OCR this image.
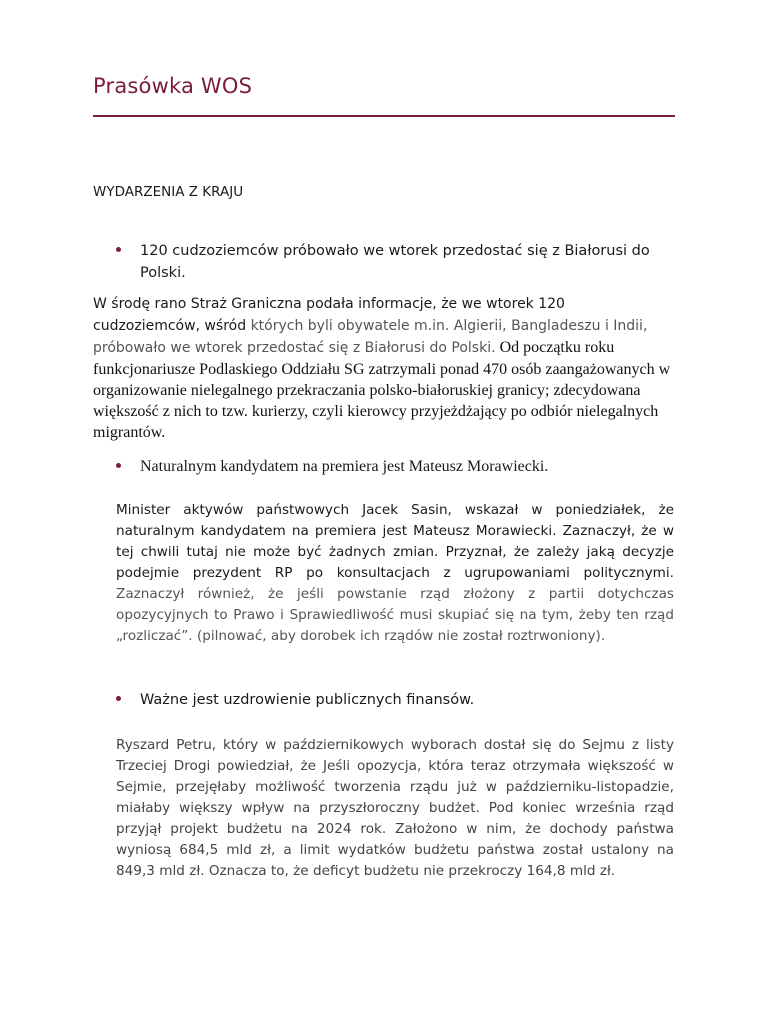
Prasówka WOS
WYDARZENIA Z KRAJU
120 cudzoziemców próbowało we wtorek przedostać się z Białorusi do Polski.
W środę rano Straż Graniczna podała informacje, że we wtorek 120 cudzoziemców, wśród których byli obywatele m.in. Algierii, Bangladeszu i Indii, próbowało we wtorek przedostać się z Białorusi do Polski. Od początku roku funkcjonariusze Podlaskiego Oddziału SG zatrzymali ponad 470 osób zaangażowanych w organizowanie nielegalnego przekraczania polsko-białoruskiej granicy; zdecydowana większość z nich to tzw. kurierzy, czyli kierowcy przyjeżdżający po odbiór nielegalnych migrantów.
Naturalnym kandydatem na premiera jest Mateusz Morawiecki.
Minister aktywów państwowych Jacek Sasin, wskazał w poniedziałek, że naturalnym kandydatem na premiera jest Mateusz Morawiecki. Zaznaczył, że w tej chwili tutaj nie może być żadnych zmian. Przyznał, że zależy jaką decyzje podejmie prezydent RP po konsultacjach z ugrupowaniami politycznymi. Zaznaczył również, że jeśli powstanie rząd złożony z partii dotychczas opozycyjnych to Prawo i Sprawiedliwość musi skupiać się na tym, żeby ten rząd „rozliczać”. (pilnować, aby dorobek ich rządów nie został roztrwoniony).
Ważne jest uzdrowienie publicznych finansów.
Ryszard Petru, który w październikowych wyborach dostał się do Sejmu z listy Trzeciej Drogi powiedział, że Jeśli opozycja, która teraz otrzymała większość w Sejmie, przejęłaby możliwość tworzenia rządu już w październiku-listopadzie, miałaby większy wpływ na przyszłoroczny budżet. Pod koniec września rząd przyjął projekt budżetu na 2024 rok. Założono w nim, że dochody państwa wyniosą 684,5 mld zł, a limit wydatków budżetu państwa został ustalony na 849,3 mld zł. Oznacza to, że deficyt budżetu nie przekroczy 164,8 mld zł.
